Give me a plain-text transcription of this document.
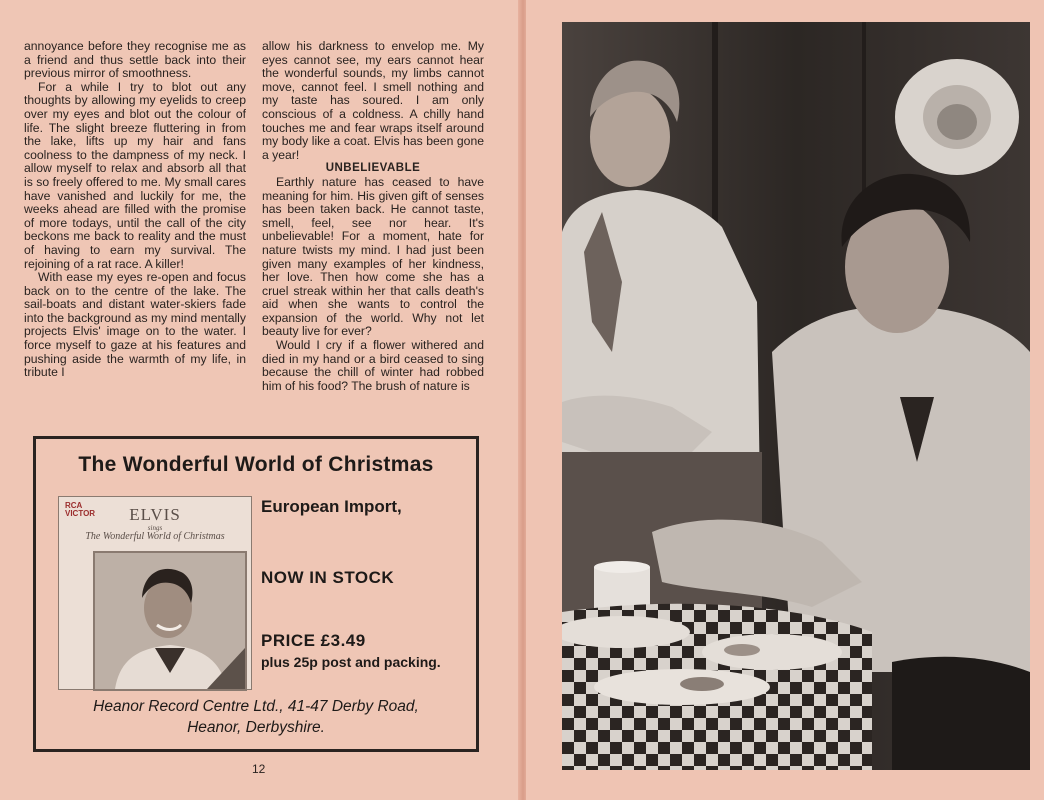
annoyance before they recognise me as a friend and thus settle back into their previous mirror of smoothness.

For a while I try to blot out any thoughts by allowing my eyelids to creep over my eyes and blot out the colour of life. The slight breeze fluttering in from the lake, lifts up my hair and fans coolness to the dampness of my neck. I allow myself to relax and absorb all that is so freely offered to me. My small cares have vanished and luckily for me, the weeks ahead are filled with the promise of more todays, until the call of the city beckons me back to reality and the must of having to earn my survival. The rejoining of a rat race. A killer!

With ease my eyes re-open and focus back on to the centre of the lake. The sail-boats and distant water-skiers fade into the background as my mind mentally projects Elvis' image on to the water. I force myself to gaze at his features and pushing aside the warmth of my life, in tribute I

allow his darkness to envelop me. My eyes cannot see, my ears cannot hear the wonderful sounds, my limbs cannot move, cannot feel. I smell nothing and my taste has soured. I am only conscious of a coldness. A chilly hand touches me and fear wraps itself around my body like a coat. Elvis has been gone a year!

UNBELIEVABLE

Earthly nature has ceased to have meaning for him. His given gift of senses has been taken back. He cannot taste, smell, feel, see nor hear. It's unbelievable! For a moment, hate for nature twists my mind. I had just been given many examples of her kindness, her love. Then how come she has a cruel streak within her that calls death's aid when she wants to control the expansion of the world. Why not let beauty live for ever?

Would I cry if a flower withered and died in my hand or a bird ceased to sing because the chill of winter had robbed him of his food? The brush of nature is

The Wonderful World of Christmas
RCA VICTOR	ELVIS
sings
The Wonderful World of Christmas
European Import,
NOW IN STOCK
PRICE £3.49
plus 25p post and packing.
Heanor Record Centre Ltd., 41-47 Derby Road,
Heanor, Derbyshire.
12
